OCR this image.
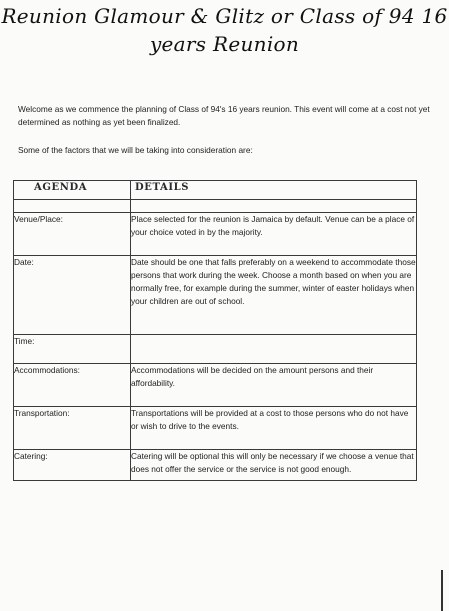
Reunion Glamour & Glitz or Class of 94 16
years Reunion
Welcome as we commence the planning of Class of 94's 16 years reunion. This event will come at a cost not yet determined as nothing as yet been finalized.
Some of the factors that we will be taking into consideration are:
AGENDA	DETAILS

Venue/Place:	Place selected for the reunion is Jamaica by default. Venue can be a place of your choice voted in by the majority.
Date:	Date should be one that falls preferably on a weekend to accommodate those persons that work during the week. Choose a month based on when you are normally free, for example during the summer, winter of easter holidays when your children are out of school.
Time:	
Accommodations:	Accommodations will be decided on the amount persons and their affordability.
Transportation:	Transportations will be provided at a cost to those persons who do not have or wish to drive to the events.
Catering:	Catering will be optional this will only be necessary if we choose a venue that does not offer the service or the service is not good enough.
